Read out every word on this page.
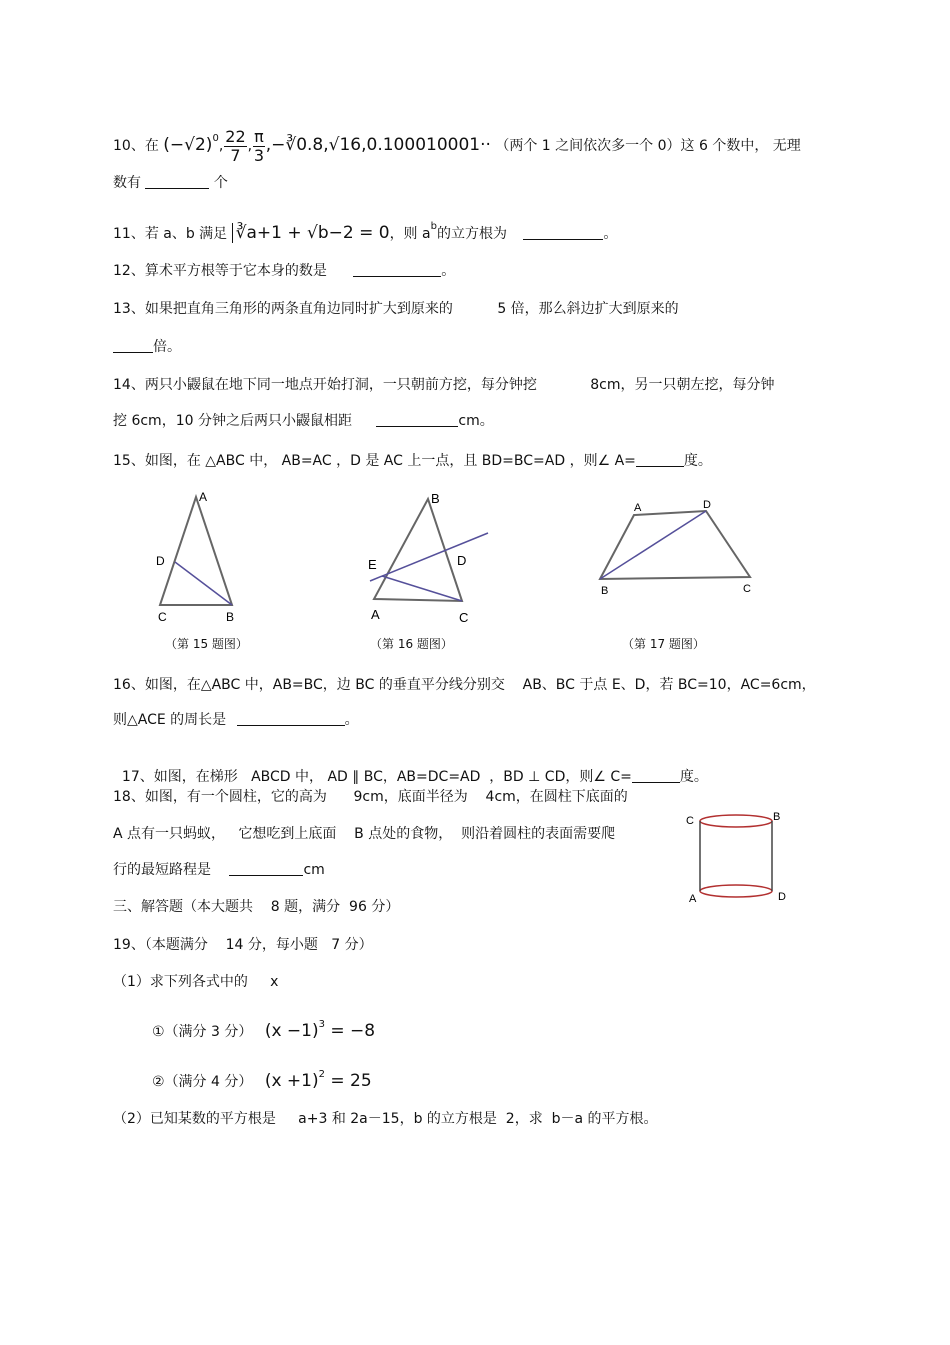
10、在 $(-√2)^0$, $\frac{22}{7}$ , $\frac{\pi}{3}$ ,−∛0.8,√16,0.100010001·· （两个 1 之间依次多一个 0）这 6 个数中， 无理
数有	个
11、若 a、b 满足 ∛a+1 + √b−2 = 0，则 $a^b$的立方根为	。
12、算术平方根等于它本身的数是	。
13、如果把直角三角形的两条直角边同时扩大到原来的          5 倍，那么斜边扩大到原来的
倍。
14、两只小鼹鼠在地下同一地点开始打洞，一只朝前方挖，每分钟挖            8cm，另一只朝左挖，每分钟
挖 6cm，10 分钟之后两只小鼹鼠相距	cm。
15、如图，在 △ABC 中， AB=AC ，D 是 AC 上一点，且 BD=BC=AD ，则∠ A=	度。
A
D
C	B
（第 15 题图）
B
E	D
A	C
（第 16 题图）
A	D
B	C
（第 17 题图）
16、如图，在△ABC 中，AB=BC，边 BC 的垂直平分线分别交    AB、BC 于点 E、D，若 BC=10，AC=6cm，
则△ACE 的周长是	。

17、如图，在梯形   ABCD 中， AD ∥ BC，AB=DC=AD  ，BD ⊥ CD，则∠ C=	度。

18、如图，有一个圆柱，它的高为      9cm，底面半径为    4cm，在圆柱下底面的
A 点有一只蚂蚁，   它想吃到上底面    B 点处的食物，  则沿着圆柱的表面需要爬
行的最短路程是	cm
C	B
A	D
三、解答题（本大题共    8 题，满分  96 分）
19、（本题满分    14 分，每小题   7 分）
（1）求下列各式中的     x
①（满分 3 分） $(x -1)^3 = -8$
②（满分 4 分） $(x +1)^2 = 25$
（2）已知某数的平方根是     a+3 和 2a－15，b 的立方根是  2，求  b－a 的平方根。
